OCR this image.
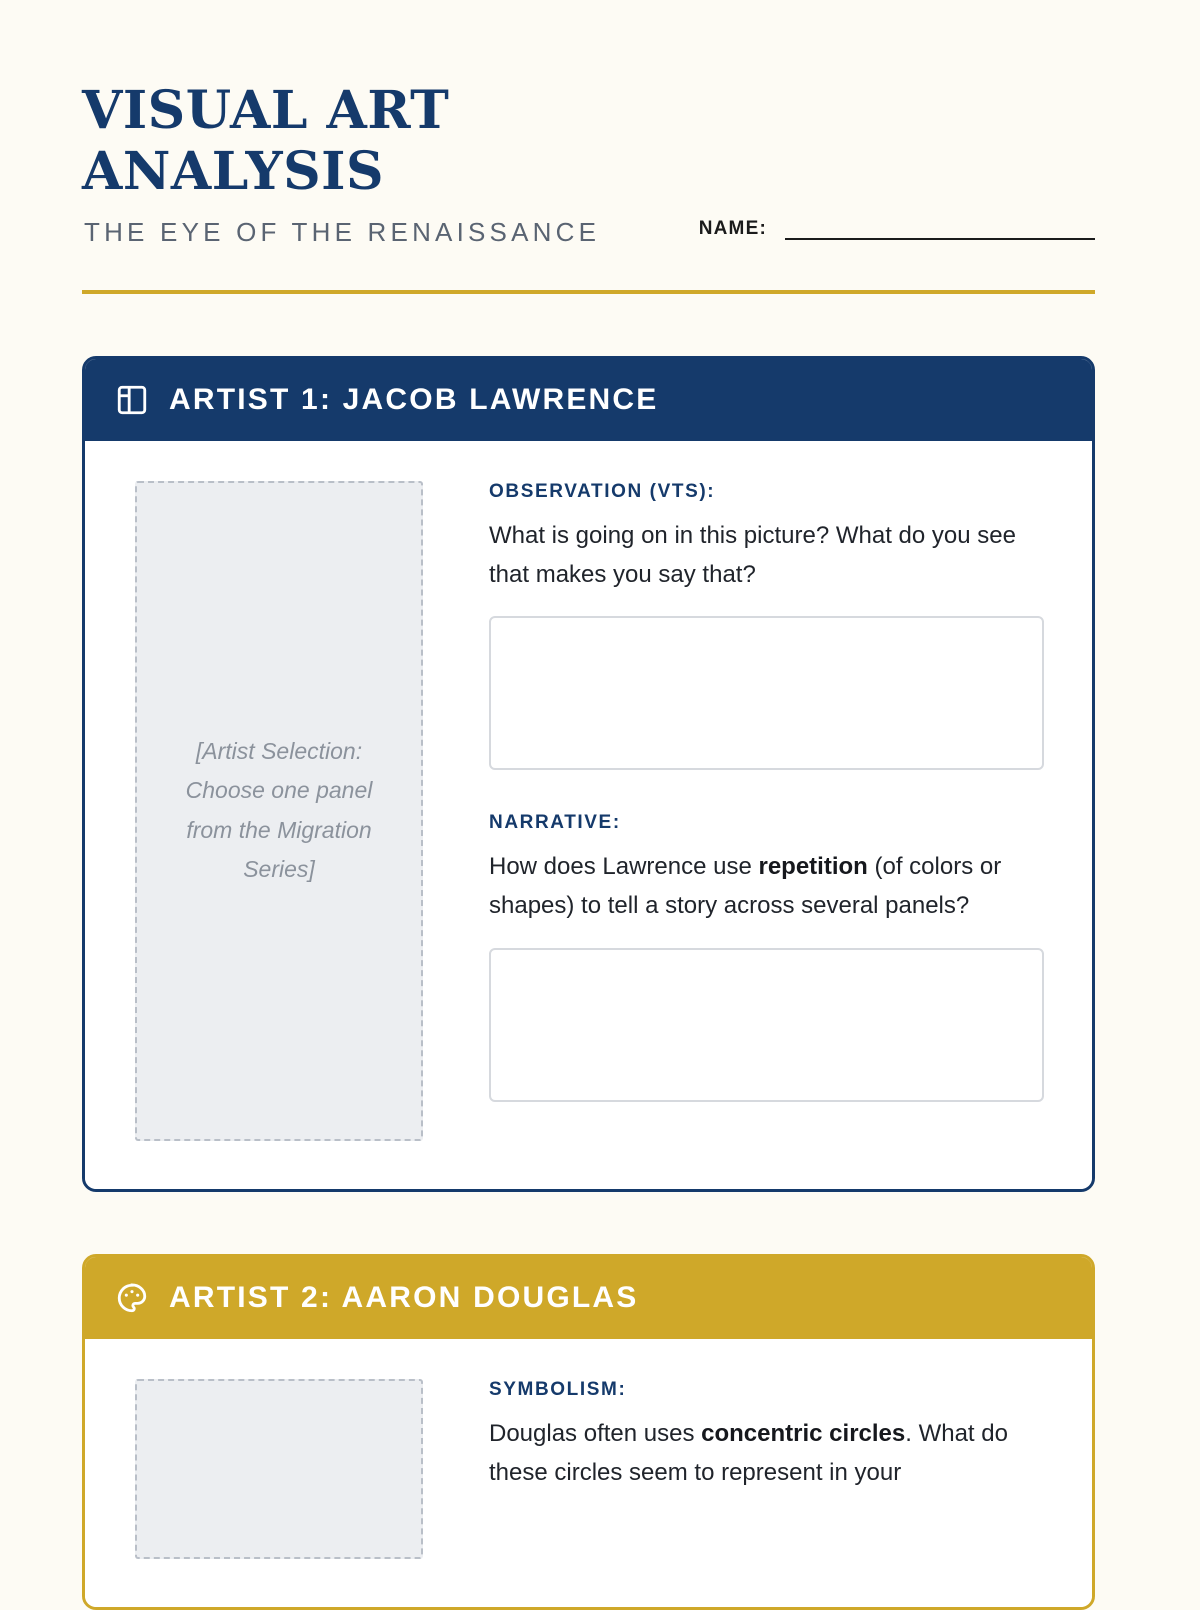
VISUAL ART ANALYSIS
THE EYE OF THE RENAISSANCE	NAME:
ARTIST 1: JACOB LAWRENCE
[Artist Selection: Choose one panel from the Migration Series]
OBSERVATION (VTS):

What is going on in this picture? What do you see that makes you say that?

NARRATIVE:

How does Lawrence use repetition (of colors or shapes) to tell a story across several panels?

ARTIST 2: AARON DOUGLAS
SYMBOLISM:

Douglas often uses concentric circles. What do these circles seem to represent in your
